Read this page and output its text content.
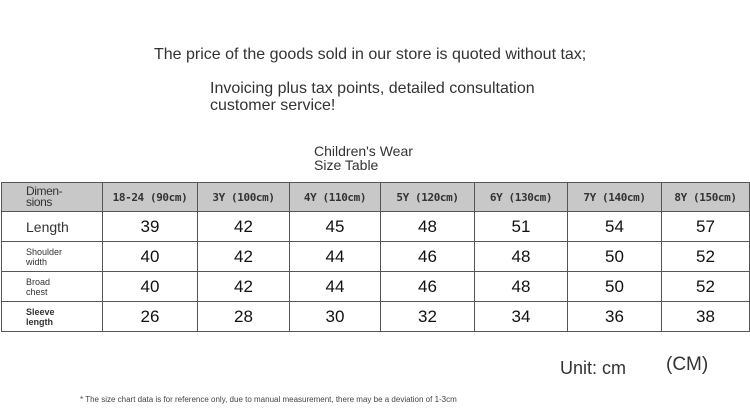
The price of the goods sold in our store is quoted without tax;
Invoicing plus tax points, detailed consultation customer service!
Children's Wear
Size Table
Dimen-
sions	18-24 (90cm)	3Y (100cm)	4Y (110cm)	5Y (120cm)	6Y (130cm)	7Y (140cm)	8Y (150cm)
Length	39	42	45	48	51	54	57
Shoulder
width	40	42	44	46	48	50	52
Broad
chest	40	42	44	46	48	50	52
Sleeve
length	26	28	30	32	34	36	38
Unit: cm (CM)
* The size chart data is for reference only, due to manual measurement, there may be a deviation of 1-3cm
